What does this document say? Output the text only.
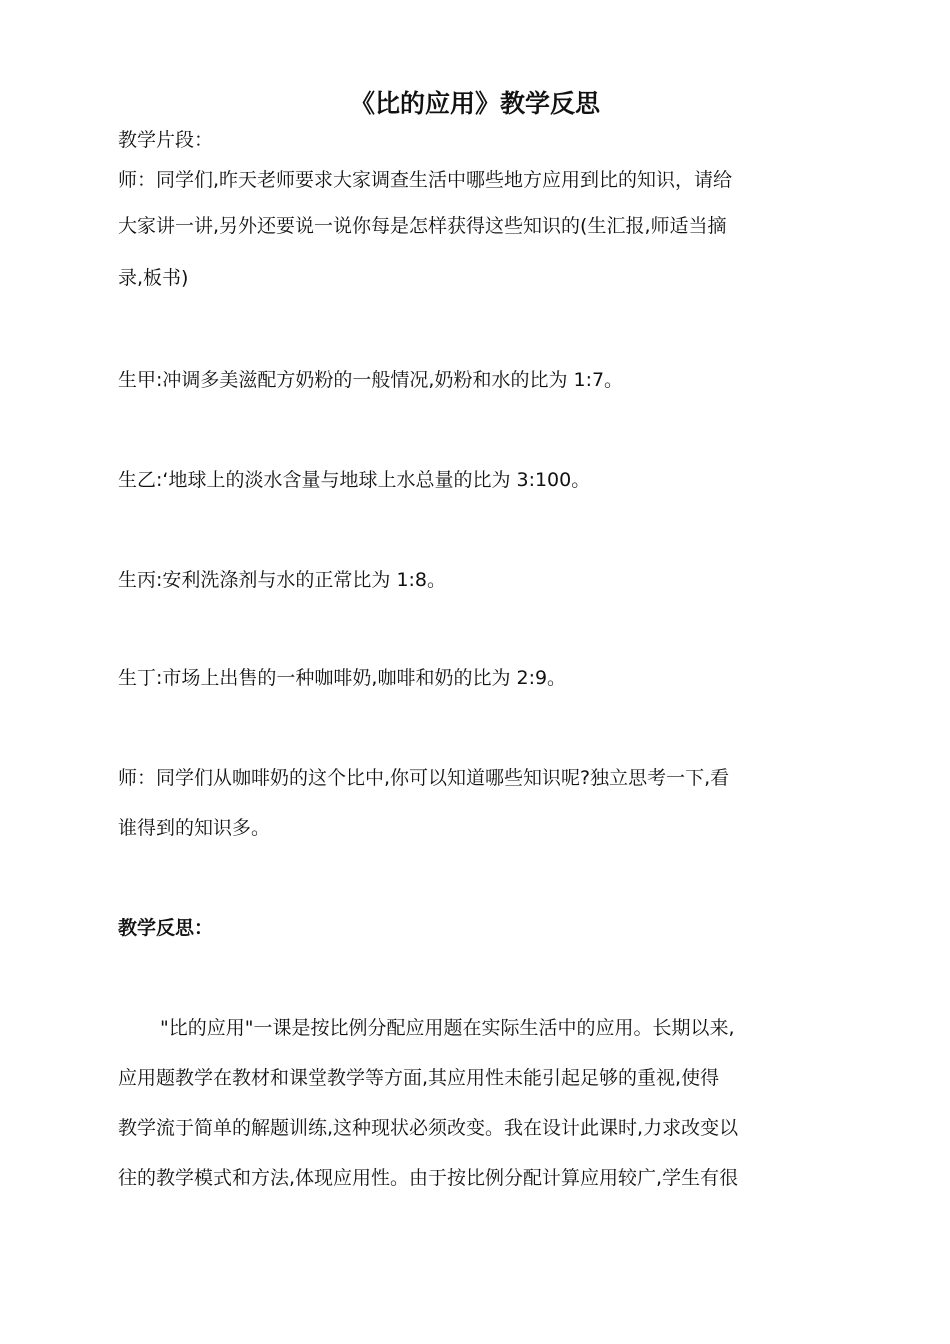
《比的应用》教学反思
教学片段：
师：同学们,昨天老师要求大家调查生活中哪些地方应用到比的知识，请给
大家讲一讲,另外还要说一说你每是怎样获得这些知识的(生汇报,师适当摘
录,板书)
生甲:冲调多美滋配方奶粉的一般情况,奶粉和水的比为 1:7。
生乙:‘地球上的淡水含量与地球上水总量的比为 3:100。
生丙:安利洗涤剂与水的正常比为 1:8。
生丁:市场上出售的一种咖啡奶,咖啡和奶的比为 2:9。
师：同学们从咖啡奶的这个比中,你可以知道哪些知识呢?独立思考一下,看
谁得到的知识多。
教学反思：
"比的应用"一课是按比例分配应用题在实际生活中的应用。长期以来,
应用题教学在教材和课堂教学等方面,其应用性未能引起足够的重视,使得
教学流于简单的解题训练,这种现状必须改变。我在设计此课时,力求改变以
往的教学模式和方法,体现应用性。由于按比例分配计算应用较广,学生有很
